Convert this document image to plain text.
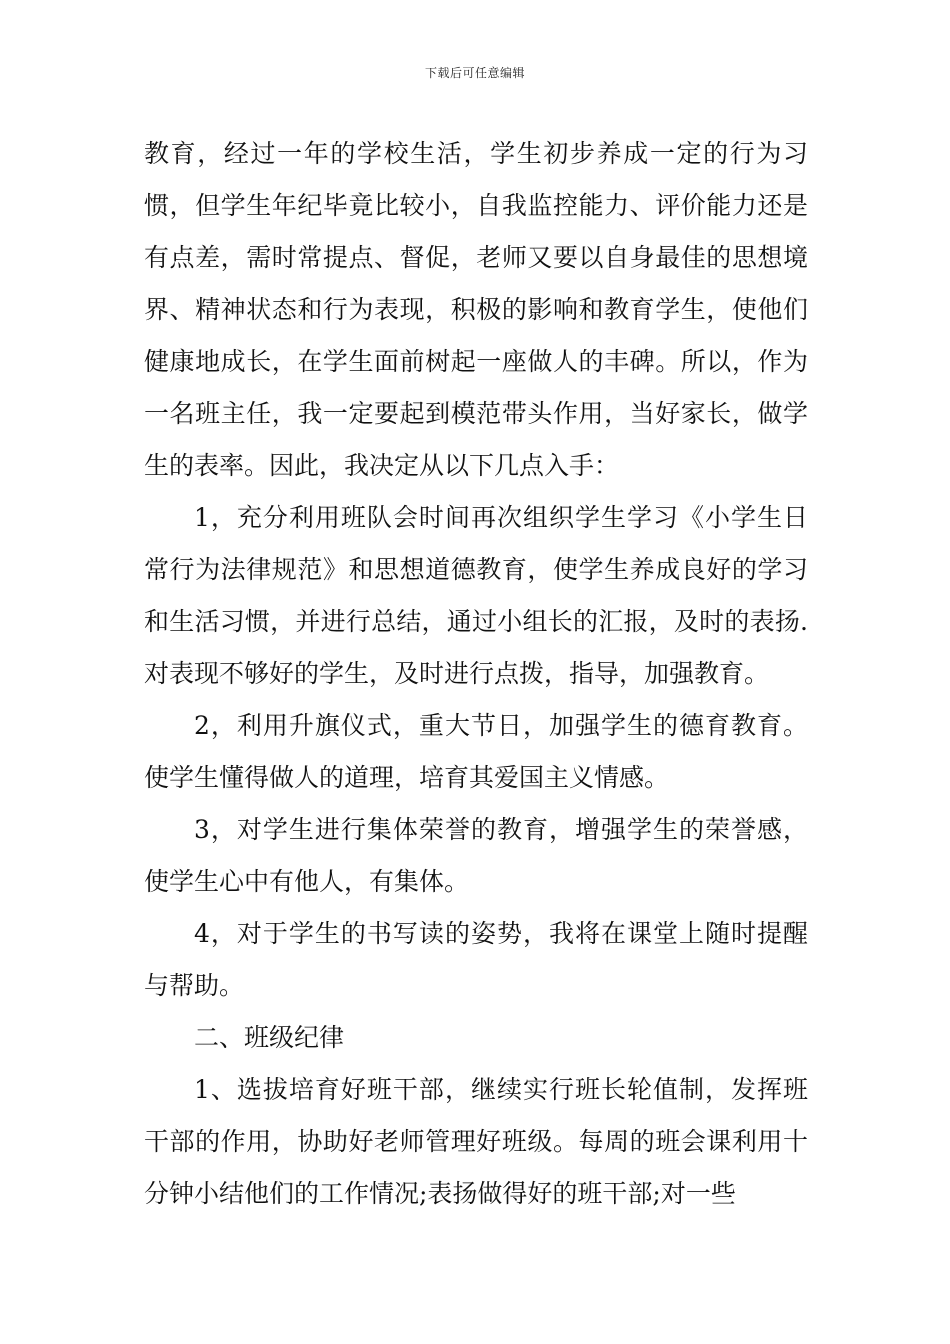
下载后可任意编辑

教育，经过一年的学校生活，学生初步养成一定的行为习惯，但学生年纪毕竟比较小，自我监控能力、评价能力还是有点差，需时常提点、督促，老师又要以自身最佳的思想境界、精神状态和行为表现，积极的影响和教育学生，使他们健康地成长，在学生面前树起一座做人的丰碑。所以，作为一名班主任，我一定要起到模范带头作用，当好家长，做学生的表率。因此，我决定从以下几点入手：

1，充分利用班队会时间再次组织学生学习《小学生日常行为法律规范》和思想道德教育，使学生养成良好的学习和生活习惯，并进行总结，通过小组长的汇报，及时的表扬.对表现不够好的学生，及时进行点拨，指导，加强教育。

2，利用升旗仪式，重大节日，加强学生的德育教育。使学生懂得做人的道理，培育其爱国主义情感。

3，对学生进行集体荣誉的教育，增强学生的荣誉感，使学生心中有他人，有集体。

4，对于学生的书写读的姿势，我将在课堂上随时提醒与帮助。

二、班级纪律

1、选拔培育好班干部，继续实行班长轮值制，发挥班干部的作用，协助好老师管理好班级。每周的班会课利用十分钟小结他们的工作情况;表扬做得好的班干部;对一些
